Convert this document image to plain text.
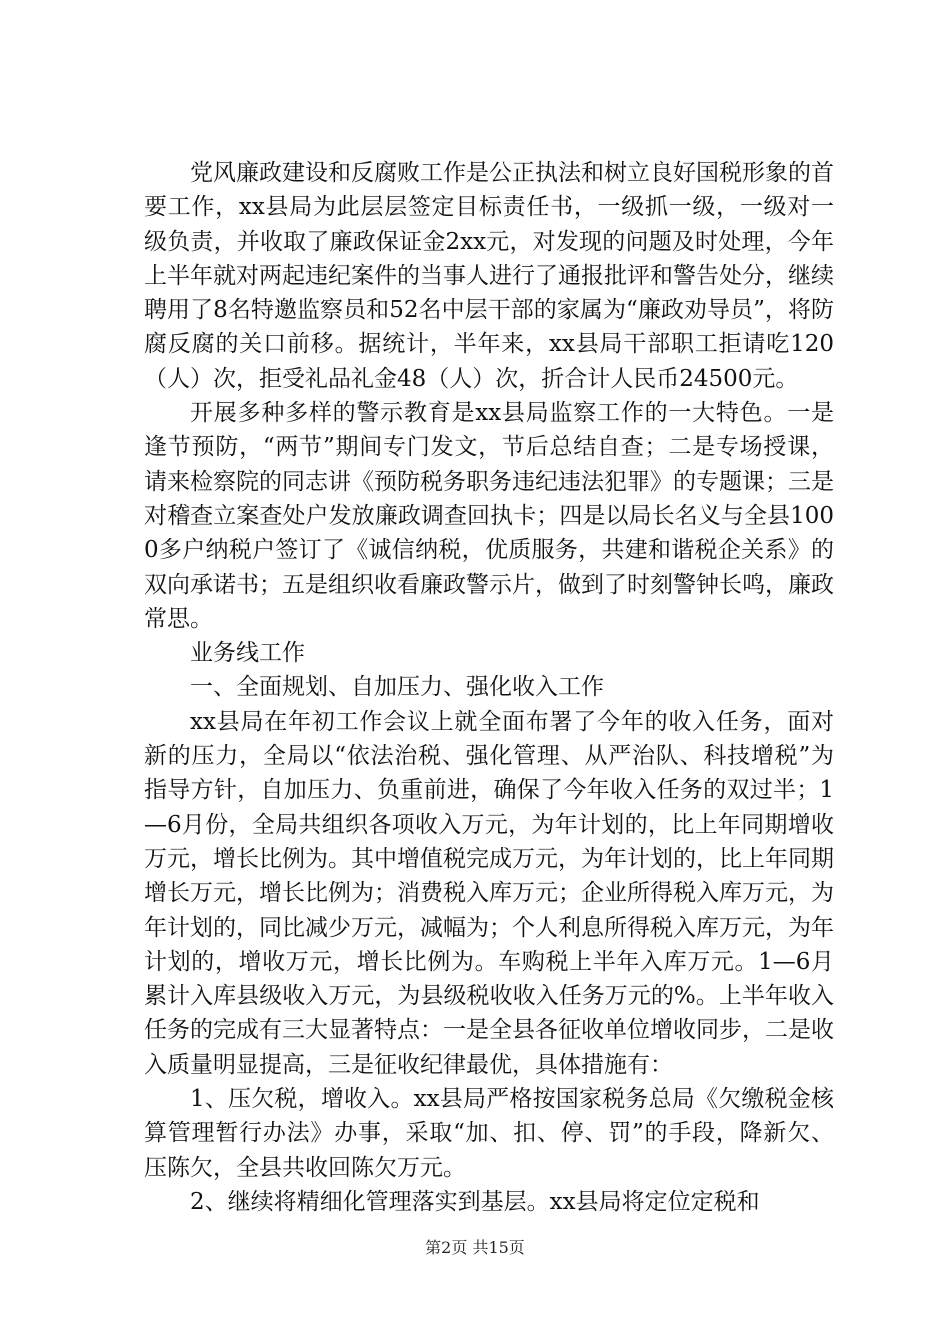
党风廉政建设和反腐败工作是公正执法和树立良好国税形象的首要工作，xx县局为此层层签定目标责任书，一级抓一级，一级对一级负责，并收取了廉政保证金2xx元，对发现的问题及时处理，今年上半年就对两起违纪案件的当事人进行了通报批评和警告处分，继续聘用了8名特邀监察员和52名中层干部的家属为“廉政劝导员”，将防腐反腐的关口前移。据统计，半年来，xx县局干部职工拒请吃120（人）次，拒受礼品礼金48（人）次，折合计人民币24500元。

开展多种多样的警示教育是xx县局监察工作的一大特色。一是逢节预防，“两节”期间专门发文，节后总结自查；二是专场授课，请来检察院的同志讲《预防税务职务违纪违法犯罪》的专题课；三是对稽查立案查处户发放廉政调查回执卡；四是以局长名义与全县1000多户纳税户签订了《诚信纳税，优质服务，共建和谐税企关系》的双向承诺书；五是组织收看廉政警示片，做到了时刻警钟长鸣，廉政常思。

业务线工作

一、全面规划、自加压力、强化收入工作

xx县局在年初工作会议上就全面布署了今年的收入任务，面对新的压力，全局以“依法治税、强化管理、从严治队、科技增税”为指导方针，自加压力、负重前进，确保了今年收入任务的双过半；1—6月份，全局共组织各项收入万元，为年计划的，比上年同期增收万元，增长比例为。其中增值税完成万元，为年计划的，比上年同期增长万元，增长比例为；消费税入库万元；企业所得税入库万元，为年计划的，同比减少万元，减幅为；个人利息所得税入库万元，为年计划的，增收万元，增长比例为。车购税上半年入库万元。1—6月累计入库县级收入万元，为县级税收收入任务万元的%。上半年收入任务的完成有三大显著特点：一是全县各征收单位增收同步，二是收入质量明显提高，三是征收纪律最优，具体措施有：

1、压欠税，增收入。xx县局严格按国家税务总局《欠缴税金核算管理暂行办法》办事，采取“加、扣、停、罚”的手段，降新欠、压陈欠，全县共收回陈欠万元。

2、继续将精细化管理落实到基层。xx县局将定位定税和

第2页 共15页
